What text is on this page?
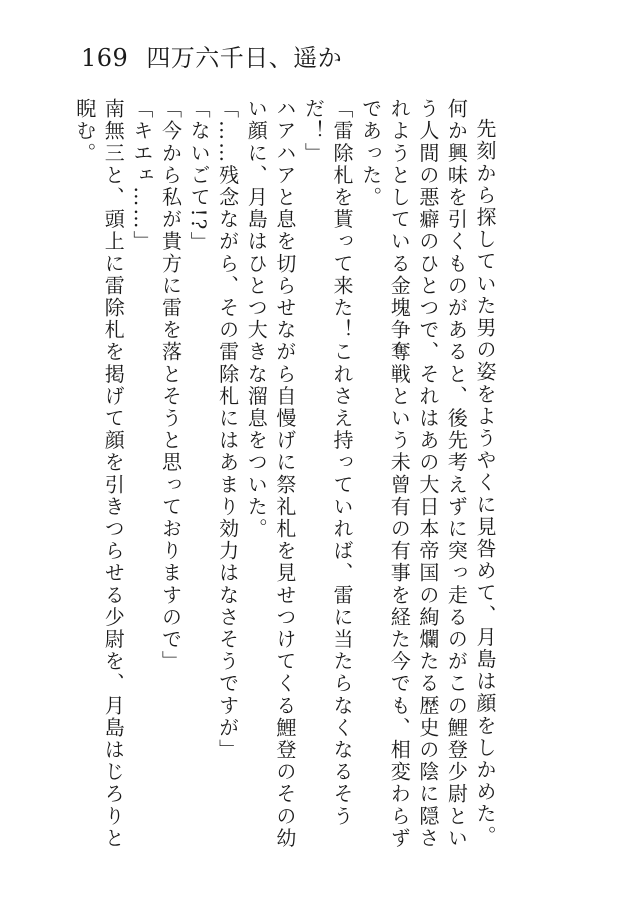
169 四万六千日、遥か

先刻から探していた男の姿をようやくに見咎めて、月島は顔をしかめた。何か興味を引くものがあると、後先考えずに突っ走るのがこの鯉登少尉という人間の悪癖のひとつで、それはあの大日本帝国の絢爛たる歴史の陰に隠されようとしている金塊争奪戦という未曾有の有事を経た今でも、相変わらずであった。

「雷除札を貰って来た！これさえ持っていれば、雷に当たらなくなるそうだ！」

ハアハアと息を切らせながら自慢げに祭礼札を見せつけてくる鯉登のその幼い顔に、月島はひとつ大きな溜息をついた。

「……残念ながら、その雷除札にはあまり効力はなさそうですが」

「ないごて!?」

「今から私が貴方に雷を落とそうと思っておりますので」

「キエェ……」

南無三と、頭上に雷除札を掲げて顔を引きつらせる少尉を、月島はじろりと睨む。
